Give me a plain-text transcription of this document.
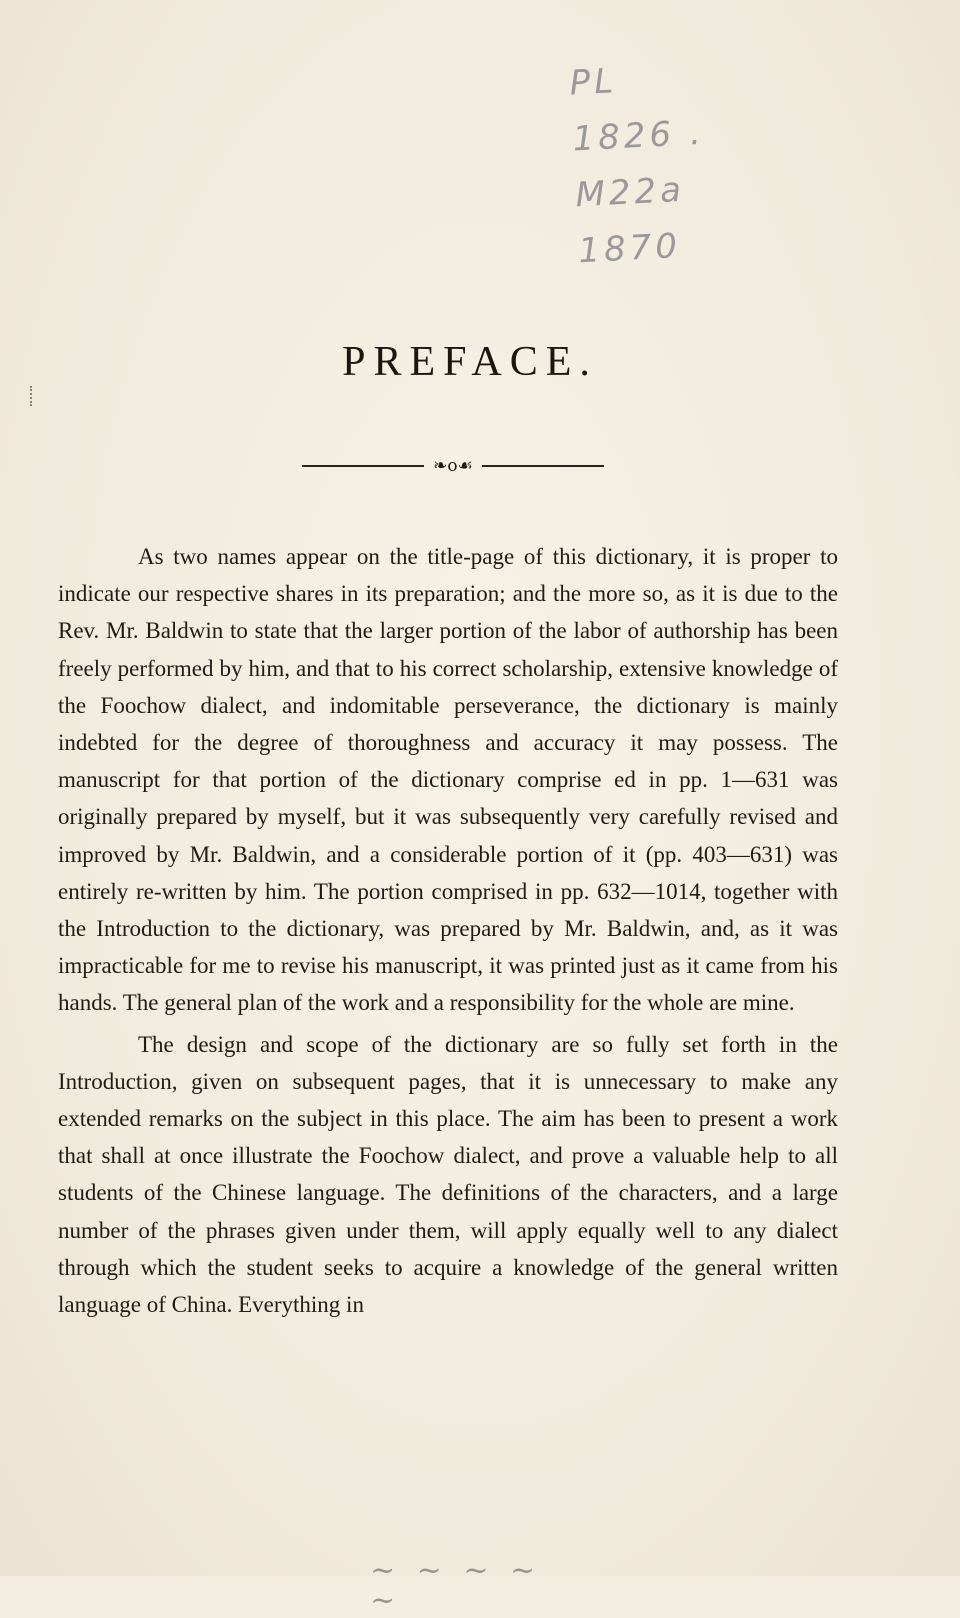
PL
1826 .
M22a
1870
PREFACE.
❧o☙

As two names appear on the title-page of this dictionary, it is proper to indicate our respective shares in its preparation; and the more so, as it is due to the Rev. Mr. Baldwin to state that the larger portion of the labor of authorship has been freely performed by him, and that to his correct scholarship, extensive knowledge of the Foochow dialect, and indomitable perseverance, the dictionary is mainly indebted for the degree of thoroughness and accuracy it may possess. The manuscript for that portion of the dictionary comprise ed in pp. 1—631 was originally prepared by myself, but it was subsequently very carefully revised and improved by Mr. Baldwin, and a considerable portion of it (pp. 403—631) was entirely re-written by him. The portion comprised in pp. 632—1014, together with the Introduction to the dictionary, was prepared by Mr. Baldwin, and, as it was impracticable for me to revise his manuscript, it was printed just as it came from his hands. The general plan of the work and a responsibility for the whole are mine.

The design and scope of the dictionary are so fully set forth in the Introduction, given on subsequent pages, that it is unnecessary to make any extended remarks on the subject in this place. The aim has been to present a work that shall at once illustrate the Foochow dialect, and prove a valuable help to all students of the Chinese language. The definitions of the characters, and a large number of the phrases given under them, will apply equally well to any dialect through which the student seeks to acquire a knowledge of the general written language of China. Everything in

~ ~ ~ ~ ~
